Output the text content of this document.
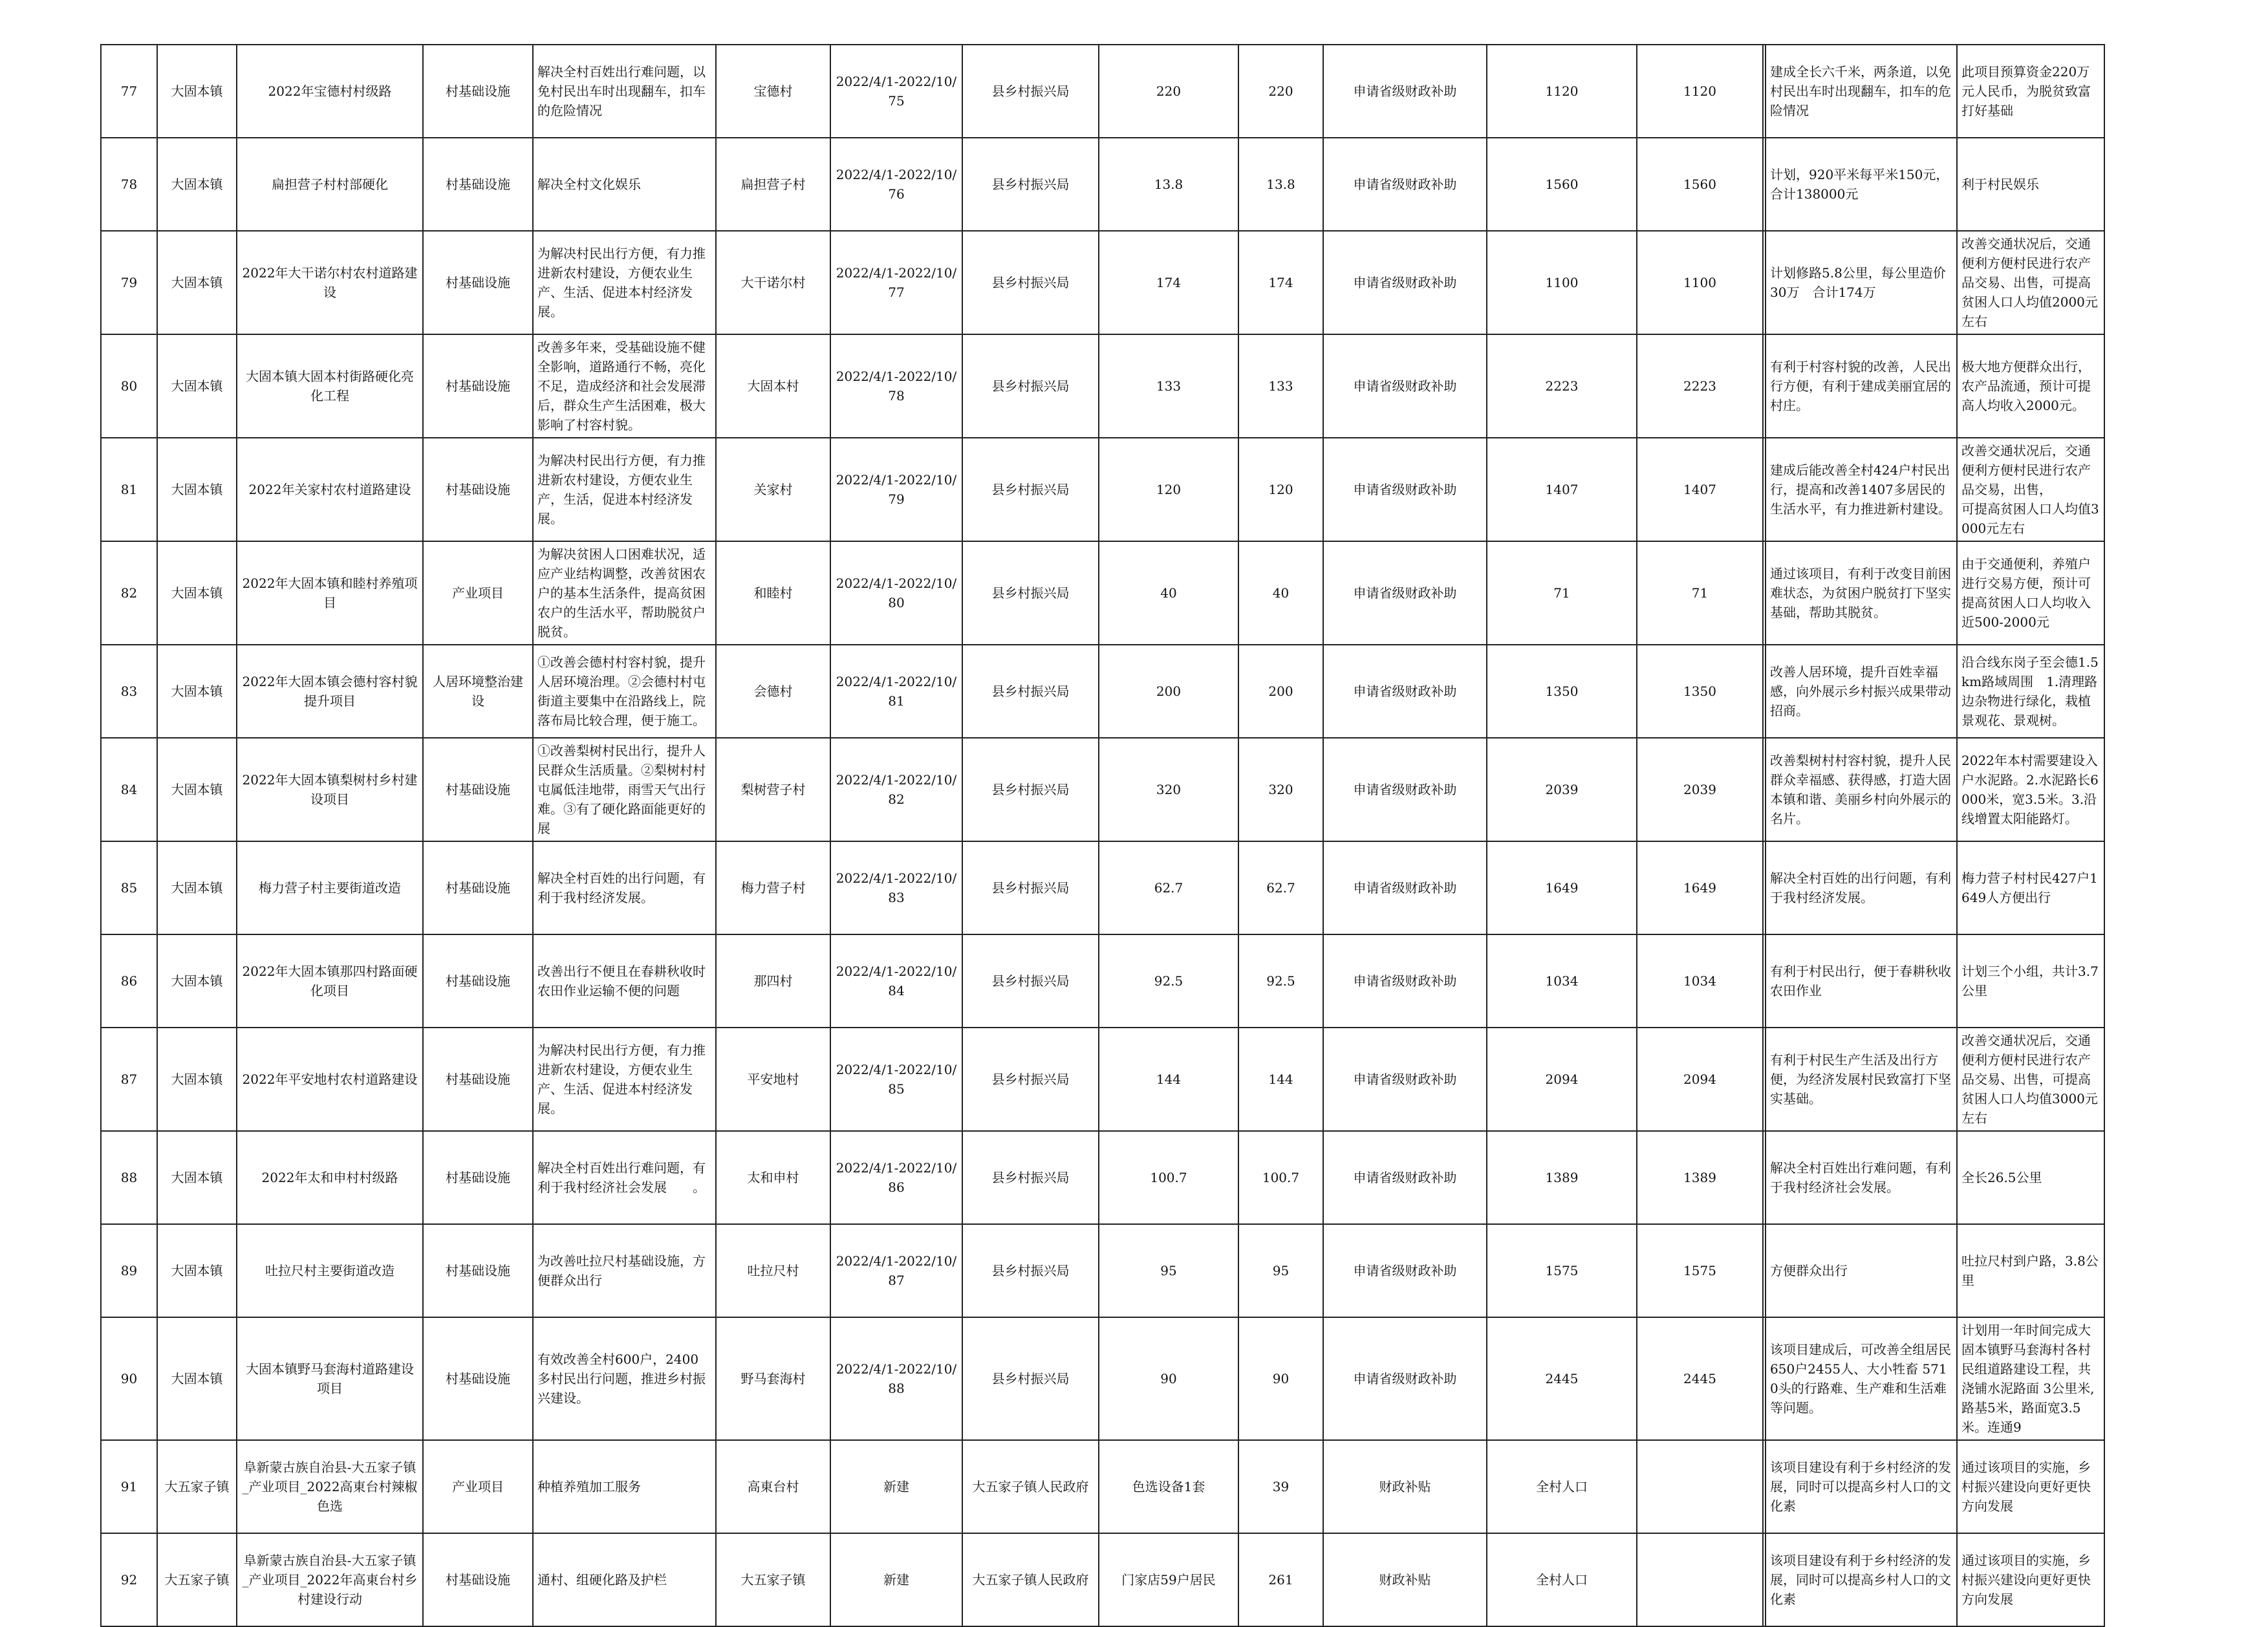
77	大固本镇	2022年宝德村村级路	村基础设施	解决全村百姓出行难问题，以免村民出车时出现翻车，扣车的危险情况	宝德村	2022/4/1-2022/10/75	县乡村振兴局	220	220	申请省级财政补助	1120	1120		建成全长六千米，两条道，以免村民出车时出现翻车，扣车的危险情况	此项目预算资金220万元人民币，为脱贫致富打好基础
78	大固本镇	扁担营子村村部硬化	村基础设施	解决全村文化娱乐	扁担营子村	2022/4/1-2022/10/76	县乡村振兴局	13.8	13.8	申请省级财政补助	1560	1560		计划，920平米每平米150元，合计138000元	利于村民娱乐
79	大固本镇	2022年大干诺尔村农村道路建设	村基础设施	为解决村民出行方便，有力推进新农村建设，方便农业生产、生活、促进本村经济发展。	大干诺尔村	2022/4/1-2022/10/77	县乡村振兴局	174	174	申请省级财政补助	1100	1100		计划修路5.8公里，每公里造价30万　合计174万	改善交通状况后，交通便利方便村民进行农产品交易、出售，可提高贫困人口人均值2000元左右
80	大固本镇	大固本镇大固本村街路硬化亮化工程	村基础设施	改善多年来，受基础设施不健全影响，道路通行不畅，亮化不足，造成经济和社会发展滞后，群众生产生活困难，极大影响了村容村貌。	大固本村	2022/4/1-2022/10/78	县乡村振兴局	133	133	申请省级财政补助	2223	2223		有利于村容村貌的改善，人民出行方便，有利于建成美丽宜居的村庄。	极大地方便群众出行，农产品流通，预计可提高人均收入2000元。
81	大固本镇	2022年关家村农村道路建设	村基础设施	为解决村民出行方便，有力推进新农村建设，方便农业生产，生活，促进本村经济发展。	关家村	2022/4/1-2022/10/79	县乡村振兴局	120	120	申请省级财政补助	1407	1407		建成后能改善全村424户村民出行，提高和改善1407多居民的生活水平，有力推进新村建设。	改善交通状况后，交通便利方便村民进行农产品交易，出售，　　　　可提高贫困人口人均值3000元左右
82	大固本镇	2022年大固本镇和睦村养殖项目	产业项目	为解决贫困人口困难状况，适应产业结构调整，改善贫困农户的基本生活条件，提高贫困农户的生活水平，帮助脱贫户脱贫。	和睦村	2022/4/1-2022/10/80	县乡村振兴局	40	40	申请省级财政补助	71	71		通过该项目，有利于改变目前困难状态，为贫困户脱贫打下坚实基础，帮助其脱贫。	由于交通便利，养殖户进行交易方便，预计可提高贫困人口人均收入近500-2000元
83	大固本镇	2022年大固本镇会德村容村貌提升项目	人居环境整治建设	①改善会德村村容村貌，提升人居环境治理。②会德村村屯街道主要集中在沿路线上，院落布局比较合理，便于施工。	会德村	2022/4/1-2022/10/81	县乡村振兴局	200	200	申请省级财政补助	1350	1350		改善人居环境，提升百姓幸福感，向外展示乡村振兴成果带动招商。	沿合线东岗子至会德1.5km路域周围　1.清理路边杂物进行绿化，栽植景观花、景观树。
84	大固本镇	2022年大固本镇梨树村乡村建设项目	村基础设施	①改善梨树村民出行，提升人民群众生活质量。②梨树村村屯属低洼地带，雨雪天气出行难。③有了硬化路面能更好的展	梨树营子村	2022/4/1-2022/10/82	县乡村振兴局	320	320	申请省级财政补助	2039	2039		改善梨树村村容村貌，提升人民群众幸福感、获得感，打造大固本镇和谐、美丽乡村向外展示的名片。	2022年本村需要建设入户水泥路。2.水泥路长6000米，宽3.5米。3.沿线增置太阳能路灯。
85	大固本镇	梅力营子村主要街道改造	村基础设施	解决全村百姓的出行问题，有利于我村经济发展。	梅力营子村	2022/4/1-2022/10/83	县乡村振兴局	62.7	62.7	申请省级财政补助	1649	1649		解决全村百姓的出行问题，有利于我村经济发展。	梅力营子村村民427户1649人方便出行
86	大固本镇	2022年大固本镇那四村路面硬化项目	村基础设施	改善出行不便且在春耕秋收时农田作业运输不便的问题	那四村	2022/4/1-2022/10/84	县乡村振兴局	92.5	92.5	申请省级财政补助	1034	1034		有利于村民出行，便于春耕秋收农田作业	计划三个小组，共计3.7公里
87	大固本镇	2022年平安地村农村道路建设	村基础设施	为解决村民出行方便，有力推进新农村建设，方便农业生产、生活、促进本村经济发展。	平安地村	2022/4/1-2022/10/85	县乡村振兴局	144	144	申请省级财政补助	2094	2094		有利于村民生产生活及出行方便，为经济发展村民致富打下坚实基础。	改善交通状况后，交通便利方便村民进行农产品交易、出售，可提高贫困人口人均值3000元左右
88	大固本镇	2022年太和申村村级路	村基础设施	解决全村百姓出行难问题，有　利于我村经济社会发展　　。	太和申村	2022/4/1-2022/10/86	县乡村振兴局	100.7	100.7	申请省级财政补助	1389	1389		解决全村百姓出行难问题，有利于我村经济社会发展。	全长26.5公里
89	大固本镇	吐拉尺村主要街道改造	村基础设施	为改善吐拉尺村基础设施，方便群众出行	吐拉尺村	2022/4/1-2022/10/87	县乡村振兴局	95	95	申请省级财政补助	1575	1575		方便群众出行	吐拉尺村到户路，3.8公里
90	大固本镇	大固本镇野马套海村道路建设项目	村基础设施	有效改善全村600户，2400多村民出行问题，推进乡村振兴建设。	野马套海村	2022/4/1-2022/10/88	县乡村振兴局	90	90	申请省级财政补助	2445	2445		该项目建成后，可改善全组居民650户2455人、大小牲畜 571 0头的行路难、生产难和生活难等问题。	计划用一年时间完成大固本镇野马套海村各村民组道路建设工程，共浇铺水泥路面 3公里米,路基5米，路面宽3.5米。连通9
91	大五家子镇	阜新蒙古族自治县-大五家子镇_产业项目_2022高東台村辣椒色选	产业项目	种植养殖加工服务	高東台村	新建	大五家子镇人民政府	色选设备1套	39	财政补贴	全村人口			该项目建设有利于乡村经济的发展，同时可以提高乡村人口的文化素	通过该项目的实施，乡村振兴建设向更好更快方向发展
92	大五家子镇	阜新蒙古族自治县-大五家子镇_产业项目_2022年高東台村乡村建设行动	村基础设施	通村、组硬化路及护栏	大五家子镇	新建	大五家子镇人民政府	门家店59户居民	261	财政补贴	全村人口			该项目建设有利于乡村经济的发展，同时可以提高乡村人口的文化素	通过该项目的实施，乡村振兴建设向更好更快方向发展
